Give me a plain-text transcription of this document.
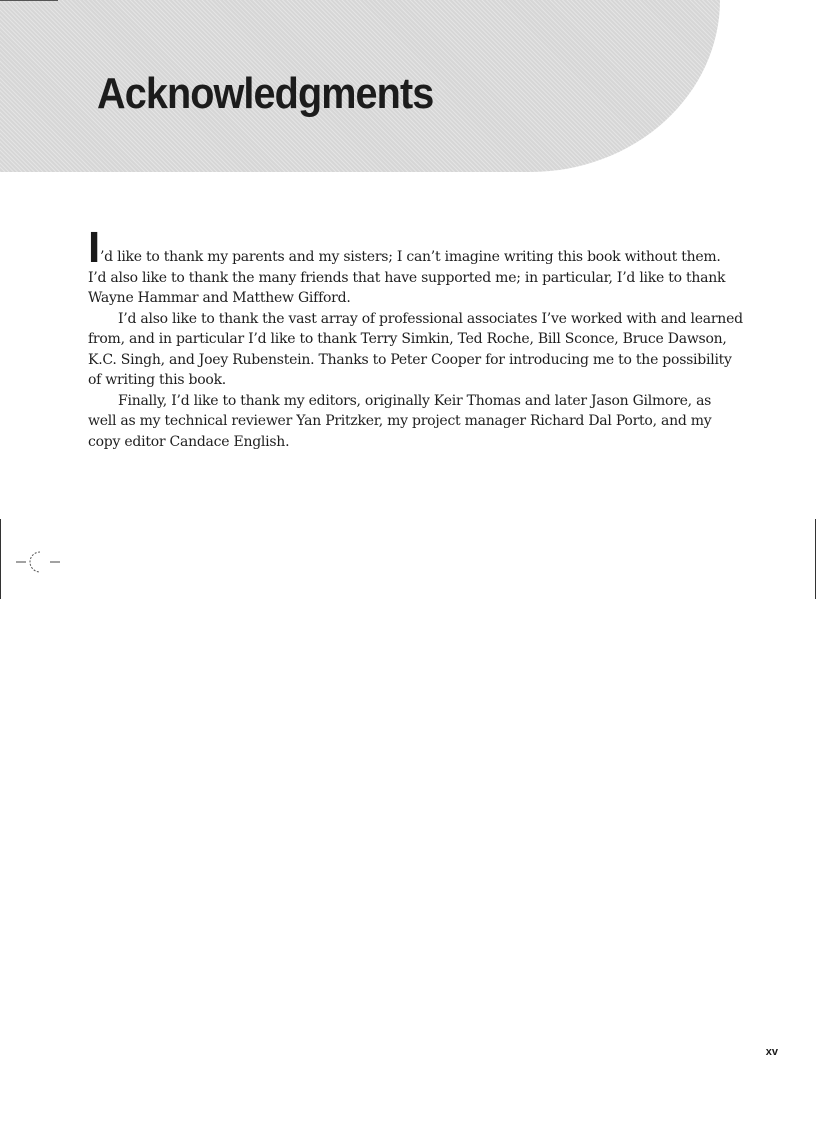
Acknowledgments

I’d like to thank my parents and my sisters; I can’t imagine writing this book without them.
I’d also like to thank the many friends that have supported me; in particular, I’d like to thank
Wayne Hammar and Matthew Gifford.

I’d also like to thank the vast array of professional associates I’ve worked with and learned
from, and in particular I’d like to thank Terry Simkin, Ted Roche, Bill Sconce, Bruce Dawson,
K.C. Singh, and Joey Rubenstein. Thanks to Peter Cooper for introducing me to the possibility
of writing this book.

Finally, I’d like to thank my editors, originally Keir Thomas and later Jason Gilmore, as
well as my technical reviewer Yan Pritzker, my project manager Richard Dal Porto, and my
copy editor Candace English.

xv
